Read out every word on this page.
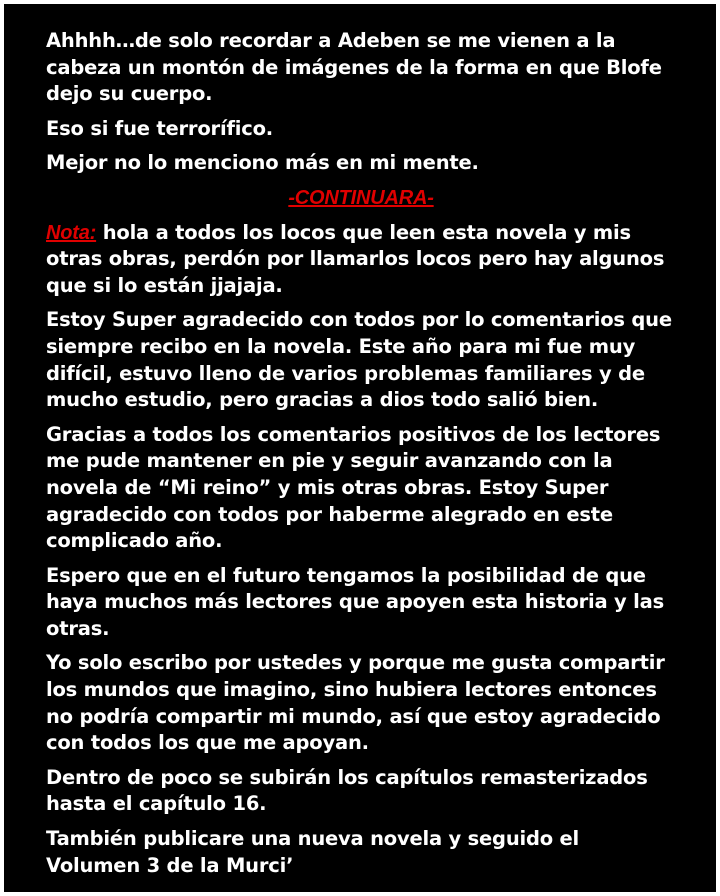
Ahhhh…de solo recordar a Adeben se me vienen a la cabeza un montón de imágenes de la forma en que Blofe dejo su cuerpo.

Eso si fue terrorífico.

Mejor no lo menciono más en mi mente.

-CONTINUARA-

Nota: hola a todos los locos que leen esta novela y mis otras obras, perdón por llamarlos locos pero hay algunos que si lo están jjajaja.

Estoy Super agradecido con todos por lo comentarios que siempre recibo en la novela. Este año para mi fue muy difícil, estuvo lleno de varios problemas familiares y de mucho estudio, pero gracias a dios todo salió bien.

Gracias a todos los comentarios positivos de los lectores me pude mantener en pie y seguir avanzando con la novela de “Mi reino” y mis otras obras. Estoy Super agradecido con todos por haberme alegrado en este complicado año.

Espero que en el futuro tengamos la posibilidad de que haya muchos más lectores que apoyen esta historia y las otras.

Yo solo escribo por ustedes y porque me gusta compartir los mundos que imagino, sino hubiera lectores entonces no podría compartir mi mundo, así que estoy agradecido con todos los que me apoyan.

Dentro de poco se subirán los capítulos remasterizados hasta el capítulo 16.

También publicare una nueva novela y seguido el Volumen 3 de la Murci’
